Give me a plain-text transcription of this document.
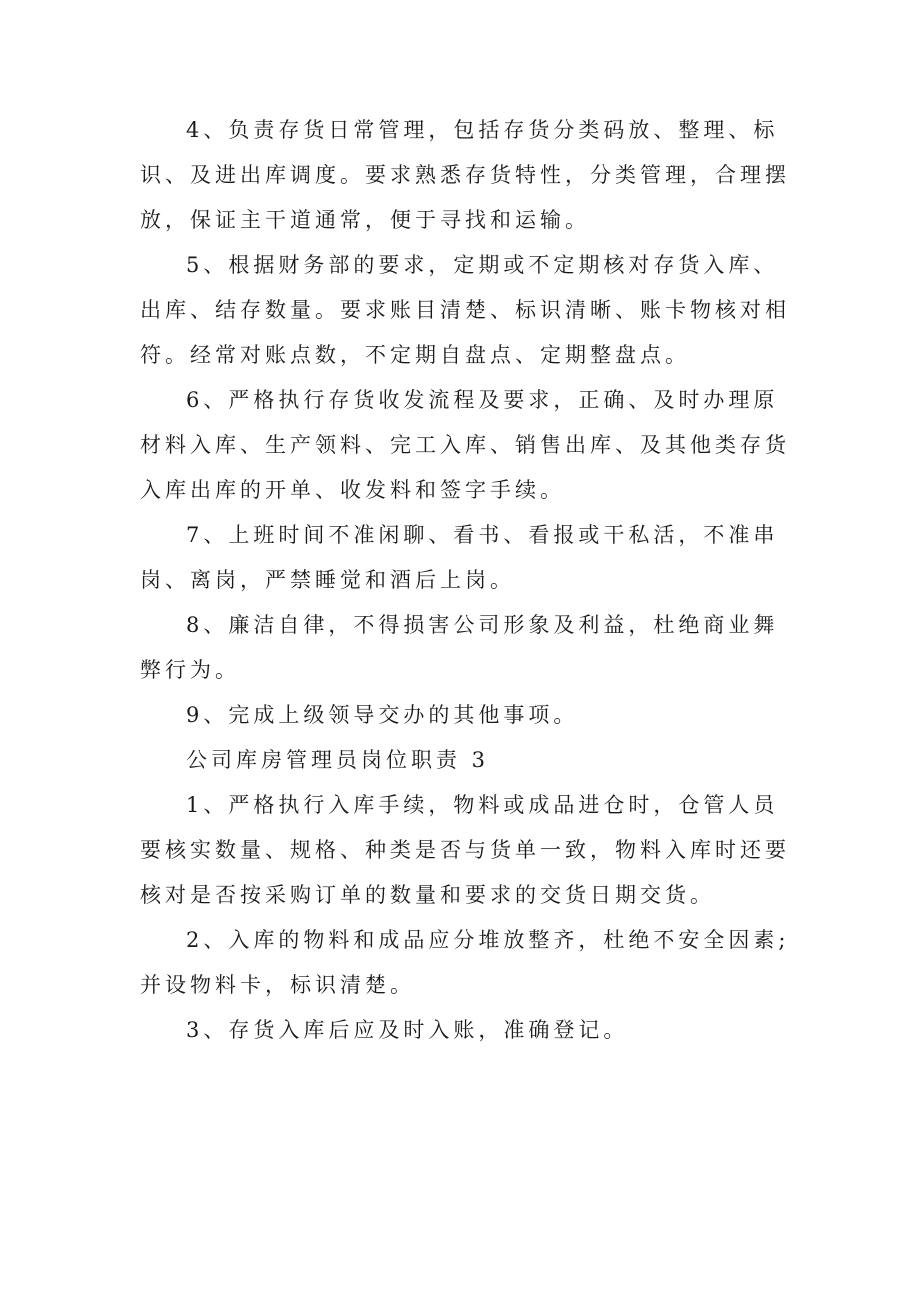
4、负责存货日常管理，包括存货分类码放、整理、标识、及进出库调度。要求熟悉存货特性，分类管理，合理摆放，保证主干道通常，便于寻找和运输。

5、根据财务部的要求，定期或不定期核对存货入库、出库、结存数量。要求账目清楚、标识清晰、账卡物核对相符。经常对账点数，不定期自盘点、定期整盘点。

6、严格执行存货收发流程及要求，正确、及时办理原材料入库、生产领料、完工入库、销售出库、及其他类存货入库出库的开单、收发料和签字手续。

7、上班时间不准闲聊、看书、看报或干私活，不准串岗、离岗，严禁睡觉和酒后上岗。

8、廉洁自律，不得损害公司形象及利益，杜绝商业舞弊行为。

9、完成上级领导交办的其他事项。

公司库房管理员岗位职责 3

1、严格执行入库手续，物料或成品进仓时，仓管人员要核实数量、规格、种类是否与货单一致，物料入库时还要核对是否按采购订单的数量和要求的交货日期交货。

2、入库的物料和成品应分堆放整齐，杜绝不安全因素;并设物料卡，标识清楚。

3、存货入库后应及时入账，准确登记。
